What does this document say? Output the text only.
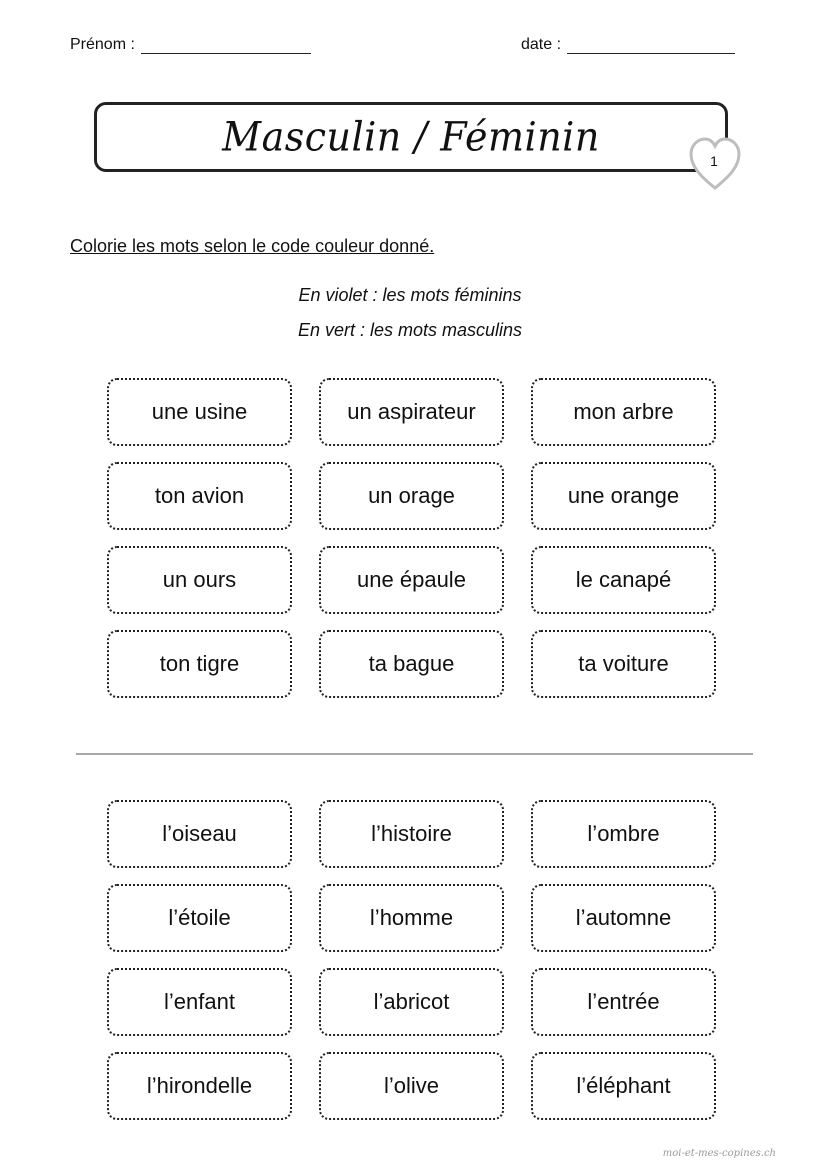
Prénom :	date :
Masculin / Féminin
1
Colorie les mots selon le code couleur donné.
En violet : les mots féminins
En vert : les mots masculins
une usine	un aspirateur	mon arbre
ton avion	un orage	une orange
un ours	une épaule	le canapé
ton tigre	ta bague	ta voiture
l’oiseau	l’histoire	l’ombre
l’étoile	l’homme	l’automne
l’enfant	l’abricot	l’entrée
l’hirondelle	l’olive	l’éléphant
moi-et-mes-copines.ch
